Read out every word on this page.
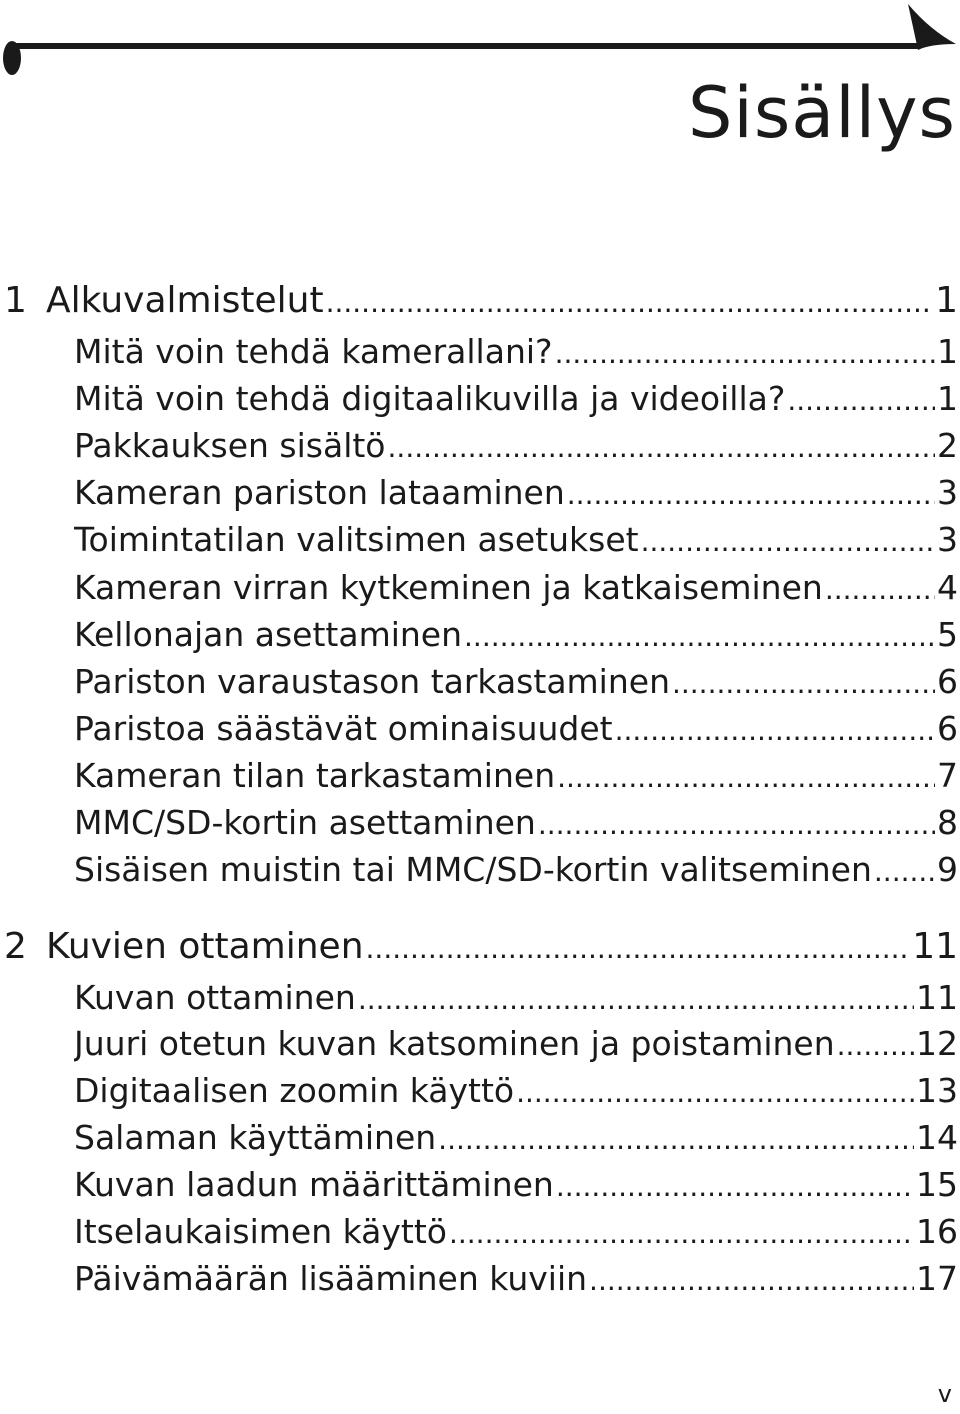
Sisällys
1 Alkuvalmistelut .....	1
Mitä voin tehdä kamerallani? .....	1
Mitä voin tehdä digitaalikuvilla ja videoilla? .....	1
Pakkauksen sisältö .....	2
Kameran pariston lataaminen .....	3
Toimintatilan valitsimen asetukset .....	3
Kameran virran kytkeminen ja katkaiseminen .....	4
Kellonajan asettaminen .....	5
Pariston varaustason tarkastaminen .....	6
Paristoa säästävät ominaisuudet .....	6
Kameran tilan tarkastaminen .....	7
MMC/SD-kortin asettaminen .....	8
Sisäisen muistin tai MMC/SD-kortin valitseminen ..... 9
2 Kuvien ottaminen .....	11
Kuvan ottaminen .....	11
Juuri otetun kuvan katsominen ja poistaminen ..... 12
Digitaalisen zoomin käyttö .....	13
Salaman käyttäminen .....	14
Kuvan laadun määrittäminen .....	15
Itselaukaisimen käyttö .....	16
Päivämäärän lisääminen kuviin .....	17
v
